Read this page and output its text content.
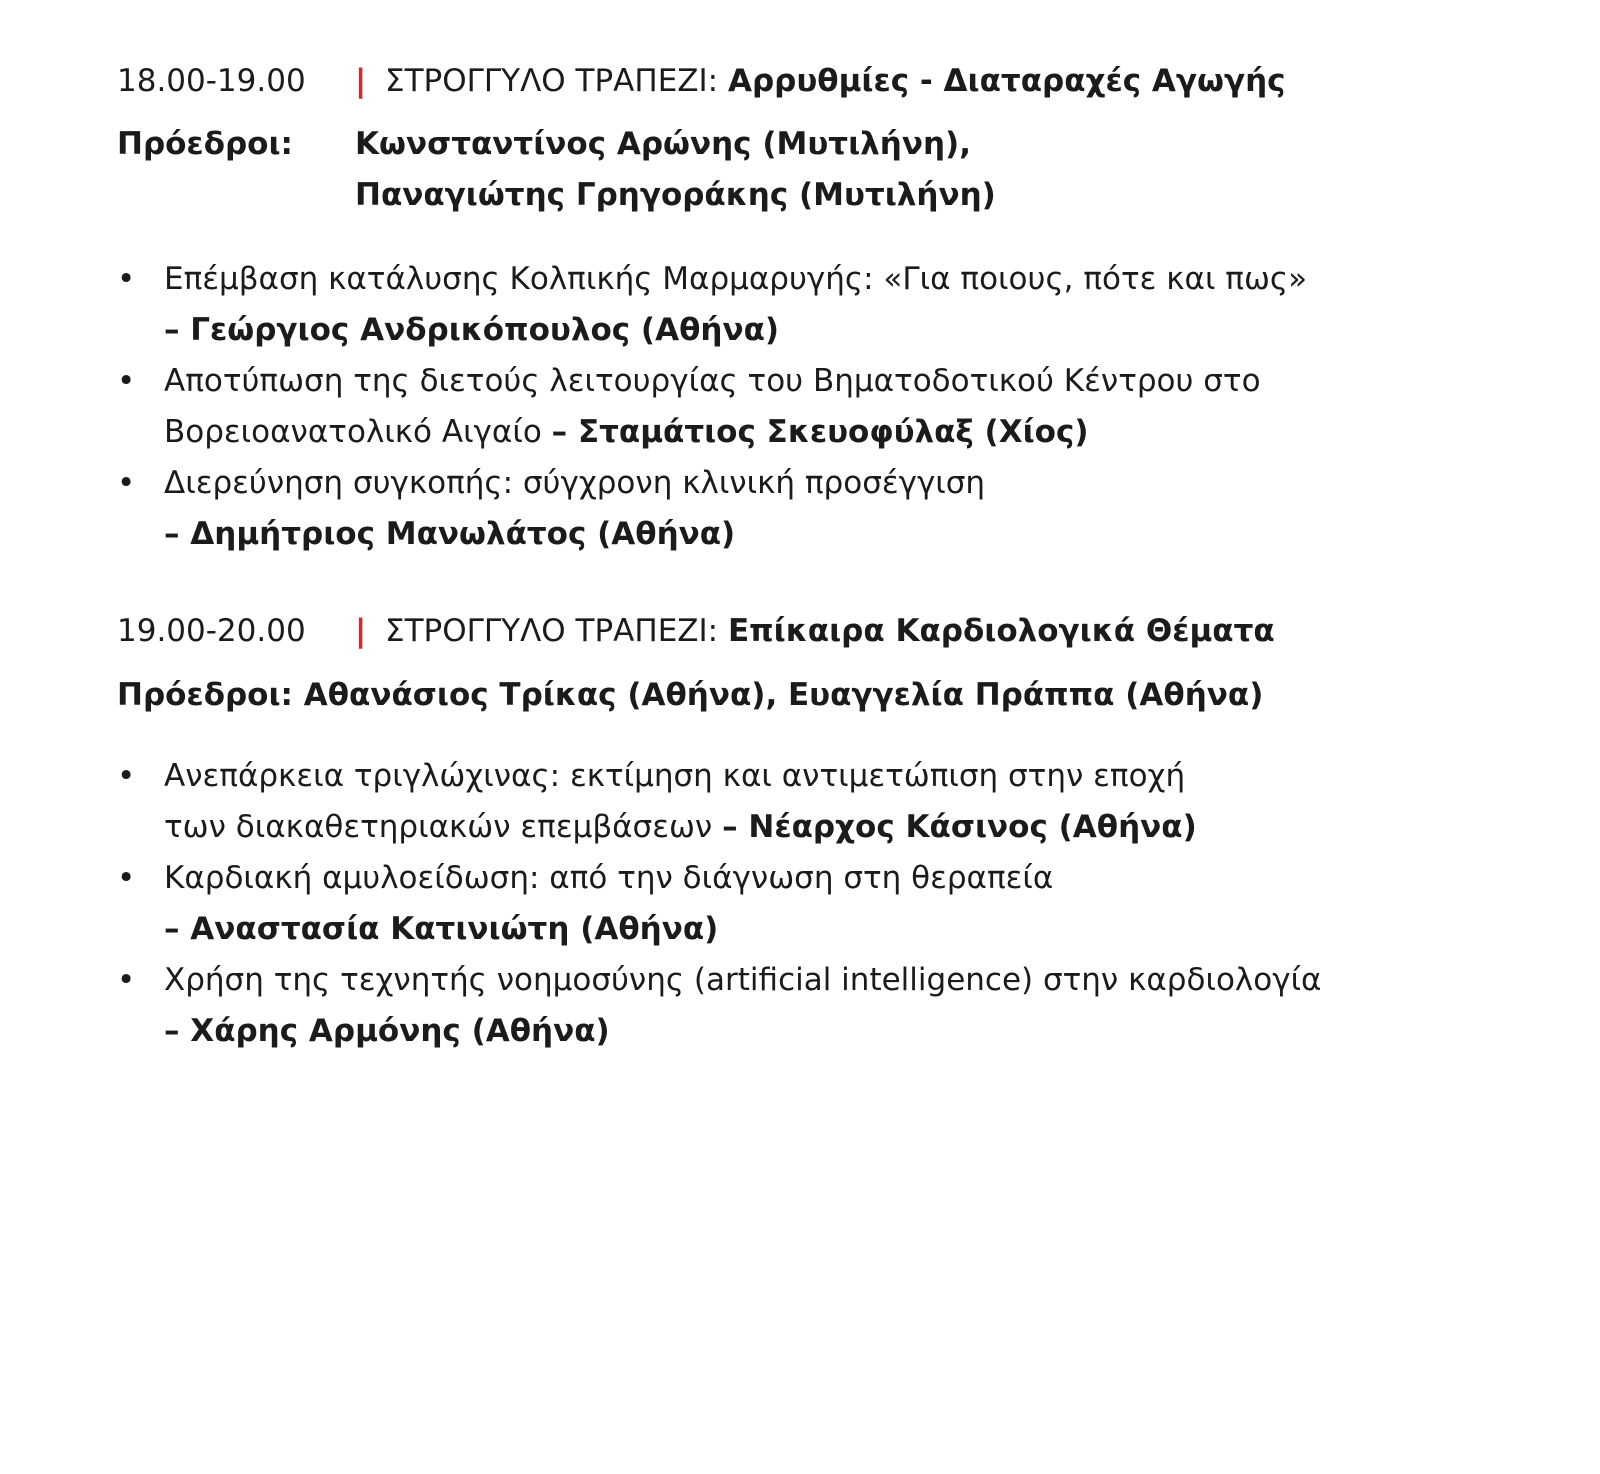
18.00-19.00	| ΣΤΡΟΓΓΥΛΟ ΤΡΑΠΕΖΙ:
Αρρυθμίες - Διαταραχές Αγωγής
Πρόεδροι:	Κωνσταντίνος Αρώνης (Μυτιλήνη),
Παναγιώτης Γρηγοράκης (Μυτιλήνη)
• Επέμβαση κατάλυσης Κολπικής Μαρμαρυγής: «Για ποιους, πότε και πως»
– Γεώργιος Ανδρικόπουλος (Αθήνα)
• Αποτύπωση της διετούς λειτουργίας του Βηματοδοτικού Κέντρου στο
Βορειοανατολικό Αιγαίο – Σταμάτιος Σκευοφύλαξ (Χίος)
• Διερεύνηση συγκοπής: σύγχρονη κλινική προσέγγιση
– Δημήτριος Μανωλάτος (Αθήνα)
19.00-20.00	| ΣΤΡΟΓΓΥΛΟ ΤΡΑΠΕΖΙ:
Επίκαιρα Καρδιολογικά Θέματα
Πρόεδροι: Αθανάσιος Τρίκας (Αθήνα), Ευαγγελία Πράππα (Αθήνα)
• Ανεπάρκεια τριγλώχινας: εκτίμηση και αντιμετώπιση στην εποχή
των διακαθετηριακών επεμβάσεων – Νέαρχος Κάσινος (Αθήνα)
• Καρδιακή αμυλοείδωση: από την διάγνωση στη θεραπεία
– Αναστασία Κατινιώτη (Αθήνα)
• Χρήση της τεχνητής νοημοσύνης (artificial intelligence) στην καρδιολογία
– Χάρης Αρμόνης (Αθήνα)
